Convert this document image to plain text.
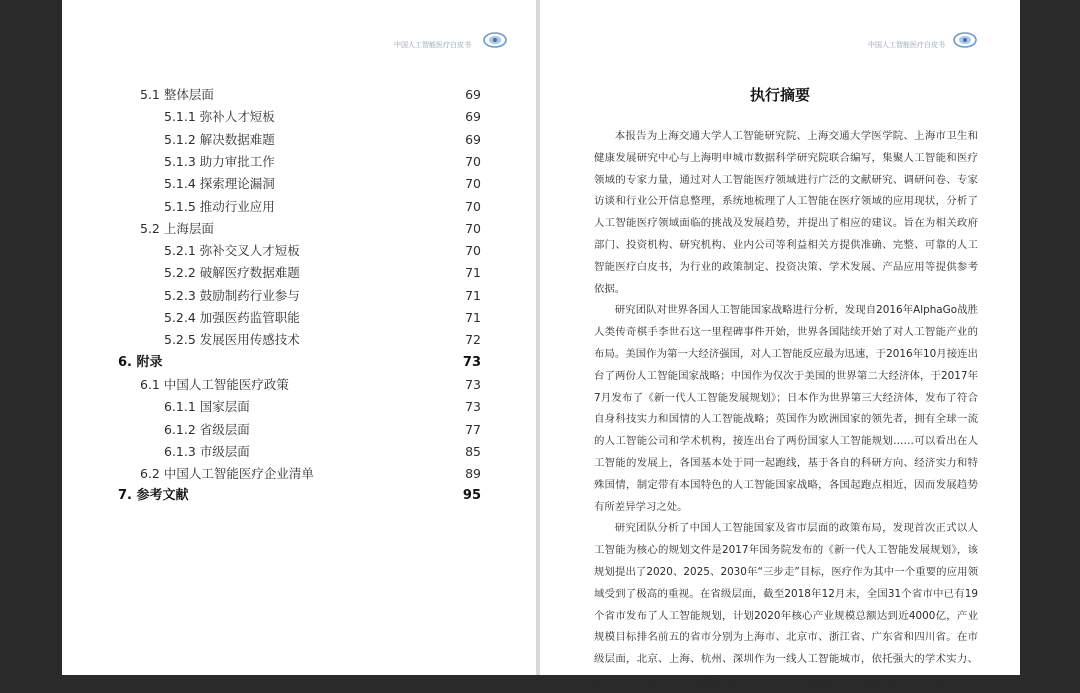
中国人工智能医疗白皮书
5.1 整体层面	69
5.1.1 弥补人才短板	69
5.1.2 解决数据难题	69
5.1.3 助力审批工作	70
5.1.4 探索理论漏洞	70
5.1.5 推动行业应用	70
5.2 上海层面	70
5.2.1 弥补交叉人才短板	70
5.2.2 破解医疗数据难题	71
5.2.3 鼓励制药行业参与	71
5.2.4 加强医药监管职能	71
5.2.5 发展医用传感技术	72
6. 附录	73
6.1 中国人工智能医疗政策	73
6.1.1 国家层面	73
6.1.2 省级层面	77
6.1.3 市级层面	85
6.2 中国人工智能医疗企业清单	89
7. 参考文献	95
中国人工智能医疗白皮书
执行摘要

本报告为上海交通大学人工智能研究院、上海交通大学医学院、上海市卫生和健康发展研究中心与上海明申城市数据科学研究院联合编写，集聚人工智能和医疗领域的专家力量，通过对人工智能医疗领域进行广泛的文献研究、调研问卷、专家访谈和行业公开信息整理，系统地梳理了人工智能在医疗领域的应用现状，分析了人工智能医疗领域面临的挑战及发展趋势，并提出了相应的建议。旨在为相关政府部门、投资机构、研究机构、业内公司等利益相关方提供准确、完整、可靠的人工智能医疗白皮书，为行业的政策制定、投资决策、学术发展、产品应用等提供参考依据。

研究团队对世界各国人工智能国家战略进行分析，发现自2016年AlphaGo战胜人类传奇棋手李世石这一里程碑事件开始，世界各国陆续开始了对人工智能产业的布局。美国作为第一大经济强国，对人工智能反应最为迅速，于2016年10月接连出台了两份人工智能国家战略；中国作为仅次于美国的世界第二大经济体，于2017年7月发布了《新一代人工智能发展规划》；日本作为世界第三大经济体，发布了符合自身科技实力和国情的人工智能战略；英国作为欧洲国家的领先者，拥有全球一流的人工智能公司和学术机构，接连出台了两份国家人工智能规划……可以看出在人工智能的发展上，各国基本处于同一起跑线，基于各自的科研方向、经济实力和特殊国情，制定带有本国特色的人工智能国家战略，各国起跑点相近，因而发展趋势有所差异学习之处。

研究团队分析了中国人工智能国家及省市层面的政策布局，发现首次正式以人工智能为核心的规划文件是2017年国务院发布的《新一代人工智能发展规划》，该规划提出了2020、2025、2030年“三步走”目标，医疗作为其中一个重要的应用领域受到了极高的重视。在省级层面，截至2018年12月末，全国31个省市中已有19个省市发布了人工智能规划，计划2020年核心产业规模总额达到近4000亿，产业规模目标排名前五的省市分别为上海市、北京市、浙江省、广东省和四川省。在市级层面，北京、上海、杭州、深圳作为一线人工智能城市，依托强大的学术实力、科技实力、经济实力和政策支持，以及BAT科技巨头的行业示范带动作用，左
